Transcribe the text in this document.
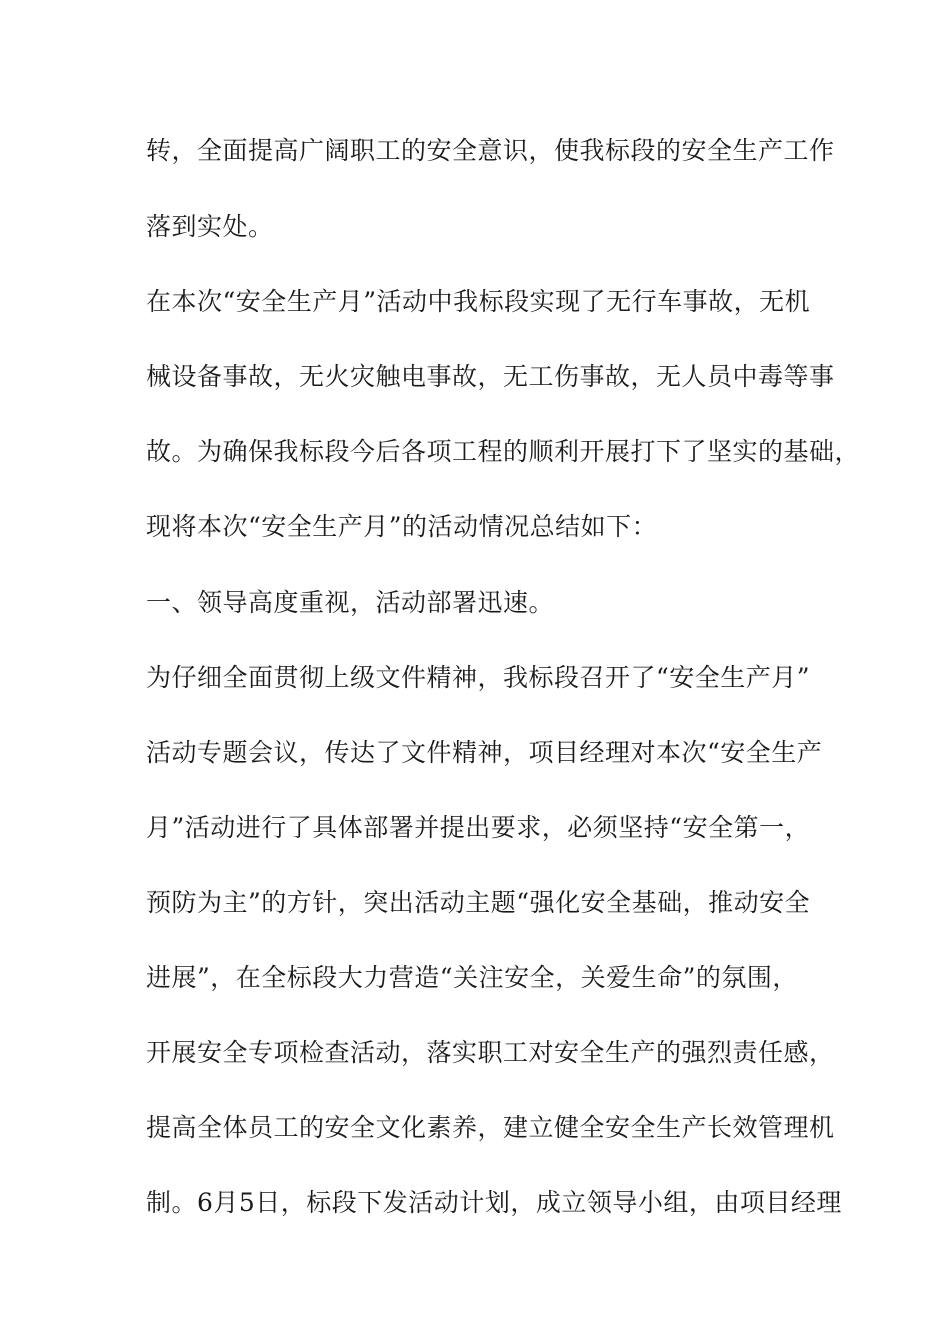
转，全面提高广阔职工的安全意识，使我标段的安全生产工作
落到实处。
在本次“安全生产月”活动中我标段实现了无行车事故，无机
械设备事故，无火灾触电事故，无工伤事故，无人员中毒等事
故。为确保我标段今后各项工程的顺利开展打下了坚实的基础，
现将本次“安全生产月”的活动情况总结如下：
一、领导高度重视，活动部署迅速。
为仔细全面贯彻上级文件精神，我标段召开了“安全生产月”
活动专题会议，传达了文件精神，项目经理对本次“安全生产
月”活动进行了具体部署并提出要求，必须坚持“安全第一，
预防为主”的方针，突出活动主题“强化安全基础，推动安全
进展”，在全标段大力营造“关注安全，关爱生命”的氛围，
开展安全专项检查活动，落实职工对安全生产的强烈责任感，
提高全体员工的安全文化素养，建立健全安全生产长效管理机
制。6月5日，标段下发活动计划，成立领导小组，由项目经理
